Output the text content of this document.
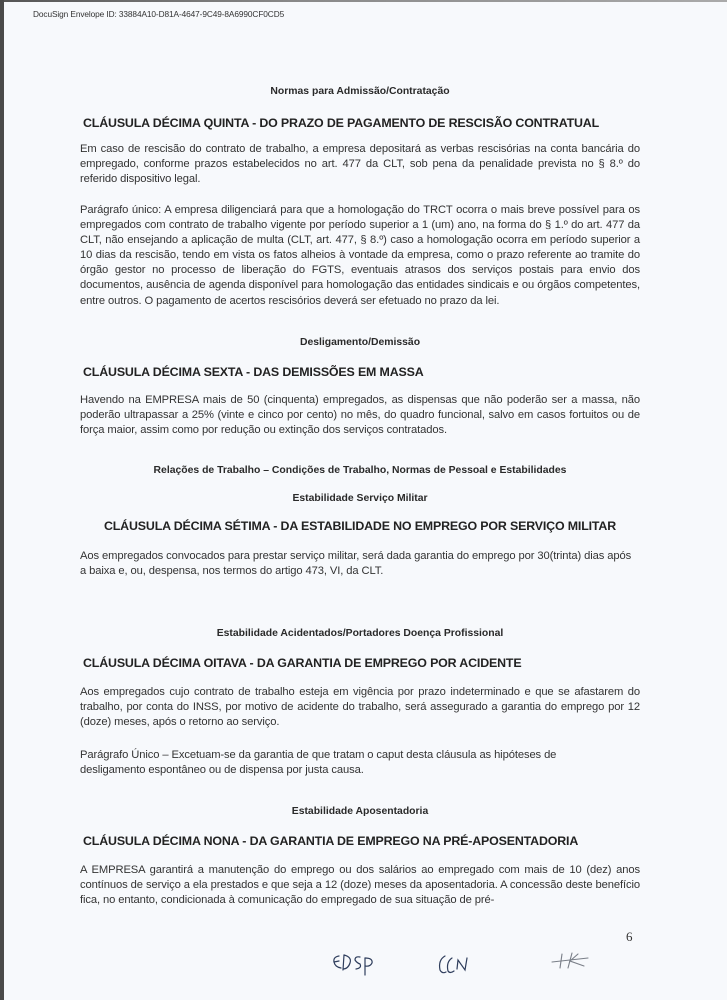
DocuSign Envelope ID: 33884A10-D81A-4647-9C49-8A6990CF0CD5
Normas para Admissão/Contratação
CLÁUSULA DÉCIMA QUINTA - DO PRAZO DE PAGAMENTO DE RESCISÃO CONTRATUAL
Em caso de rescisão do contrato de trabalho, a empresa depositará as verbas rescisórias na conta bancária do empregado, conforme prazos estabelecidos no art. 477 da CLT, sob pena da penalidade prevista no § 8.º do referido dispositivo legal.
Parágrafo único: A empresa diligenciará para que a homologação do TRCT ocorra o mais breve possível para os empregados com contrato de trabalho vigente por período superior a 1 (um) ano, na forma do § 1.º do art. 477 da CLT, não ensejando a aplicação de multa (CLT, art. 477, § 8.º) caso a homologação ocorra em período superior a 10 dias da rescisão, tendo em vista os fatos alheios à vontade da empresa, como o prazo referente ao tramite do órgão gestor no processo de liberação do FGTS, eventuais atrasos dos serviços postais para envio dos documentos, ausência de agenda disponível para homologação das entidades sindicais e ou órgãos competentes, entre outros. O pagamento de acertos rescisórios deverá ser efetuado no prazo da lei.
Desligamento/Demissão
CLÁUSULA DÉCIMA SEXTA - DAS DEMISSÕES EM MASSA
Havendo na EMPRESA mais de 50 (cinquenta) empregados, as dispensas que não poderão ser a massa, não poderão ultrapassar a 25% (vinte e cinco por cento) no mês, do quadro funcional, salvo em casos fortuitos ou de força maior, assim como por redução ou extinção dos serviços contratados.
Relações de Trabalho – Condições de Trabalho, Normas de Pessoal e Estabilidades
Estabilidade Serviço Militar
CLÁUSULA DÉCIMA SÉTIMA - DA ESTABILIDADE NO EMPREGO POR SERVIÇO MILITAR
Aos empregados convocados para prestar serviço militar, será dada garantia do emprego por 30(trinta) dias após a baixa e, ou, despensa, nos termos do artigo 473, VI, da CLT.
Estabilidade Acidentados/Portadores Doença Profissional
CLÁUSULA DÉCIMA OITAVA - DA GARANTIA DE EMPREGO POR ACIDENTE
Aos empregados cujo contrato de trabalho esteja em vigência por prazo indeterminado e que se afastarem do trabalho, por conta do INSS, por motivo de acidente do trabalho, será assegurado a garantia do emprego por 12 (doze) meses, após o retorno ao serviço.
Parágrafo Único – Excetuam-se da garantia de que tratam o caput desta cláusula as hipóteses de desligamento espontâneo ou de dispensa por justa causa.
Estabilidade Aposentadoria
CLÁUSULA DÉCIMA NONA - DA GARANTIA DE EMPREGO NA PRÉ-APOSENTADORIA
A EMPRESA garantirá a manutenção do emprego ou dos salários ao empregado com mais de 10 (dez) anos contínuos de serviço a ela prestados e que seja a 12 (doze) meses da aposentadoria. A concessão deste benefício fica, no entanto, condicionada à comunicação do empregado de sua situação de pré-
6
